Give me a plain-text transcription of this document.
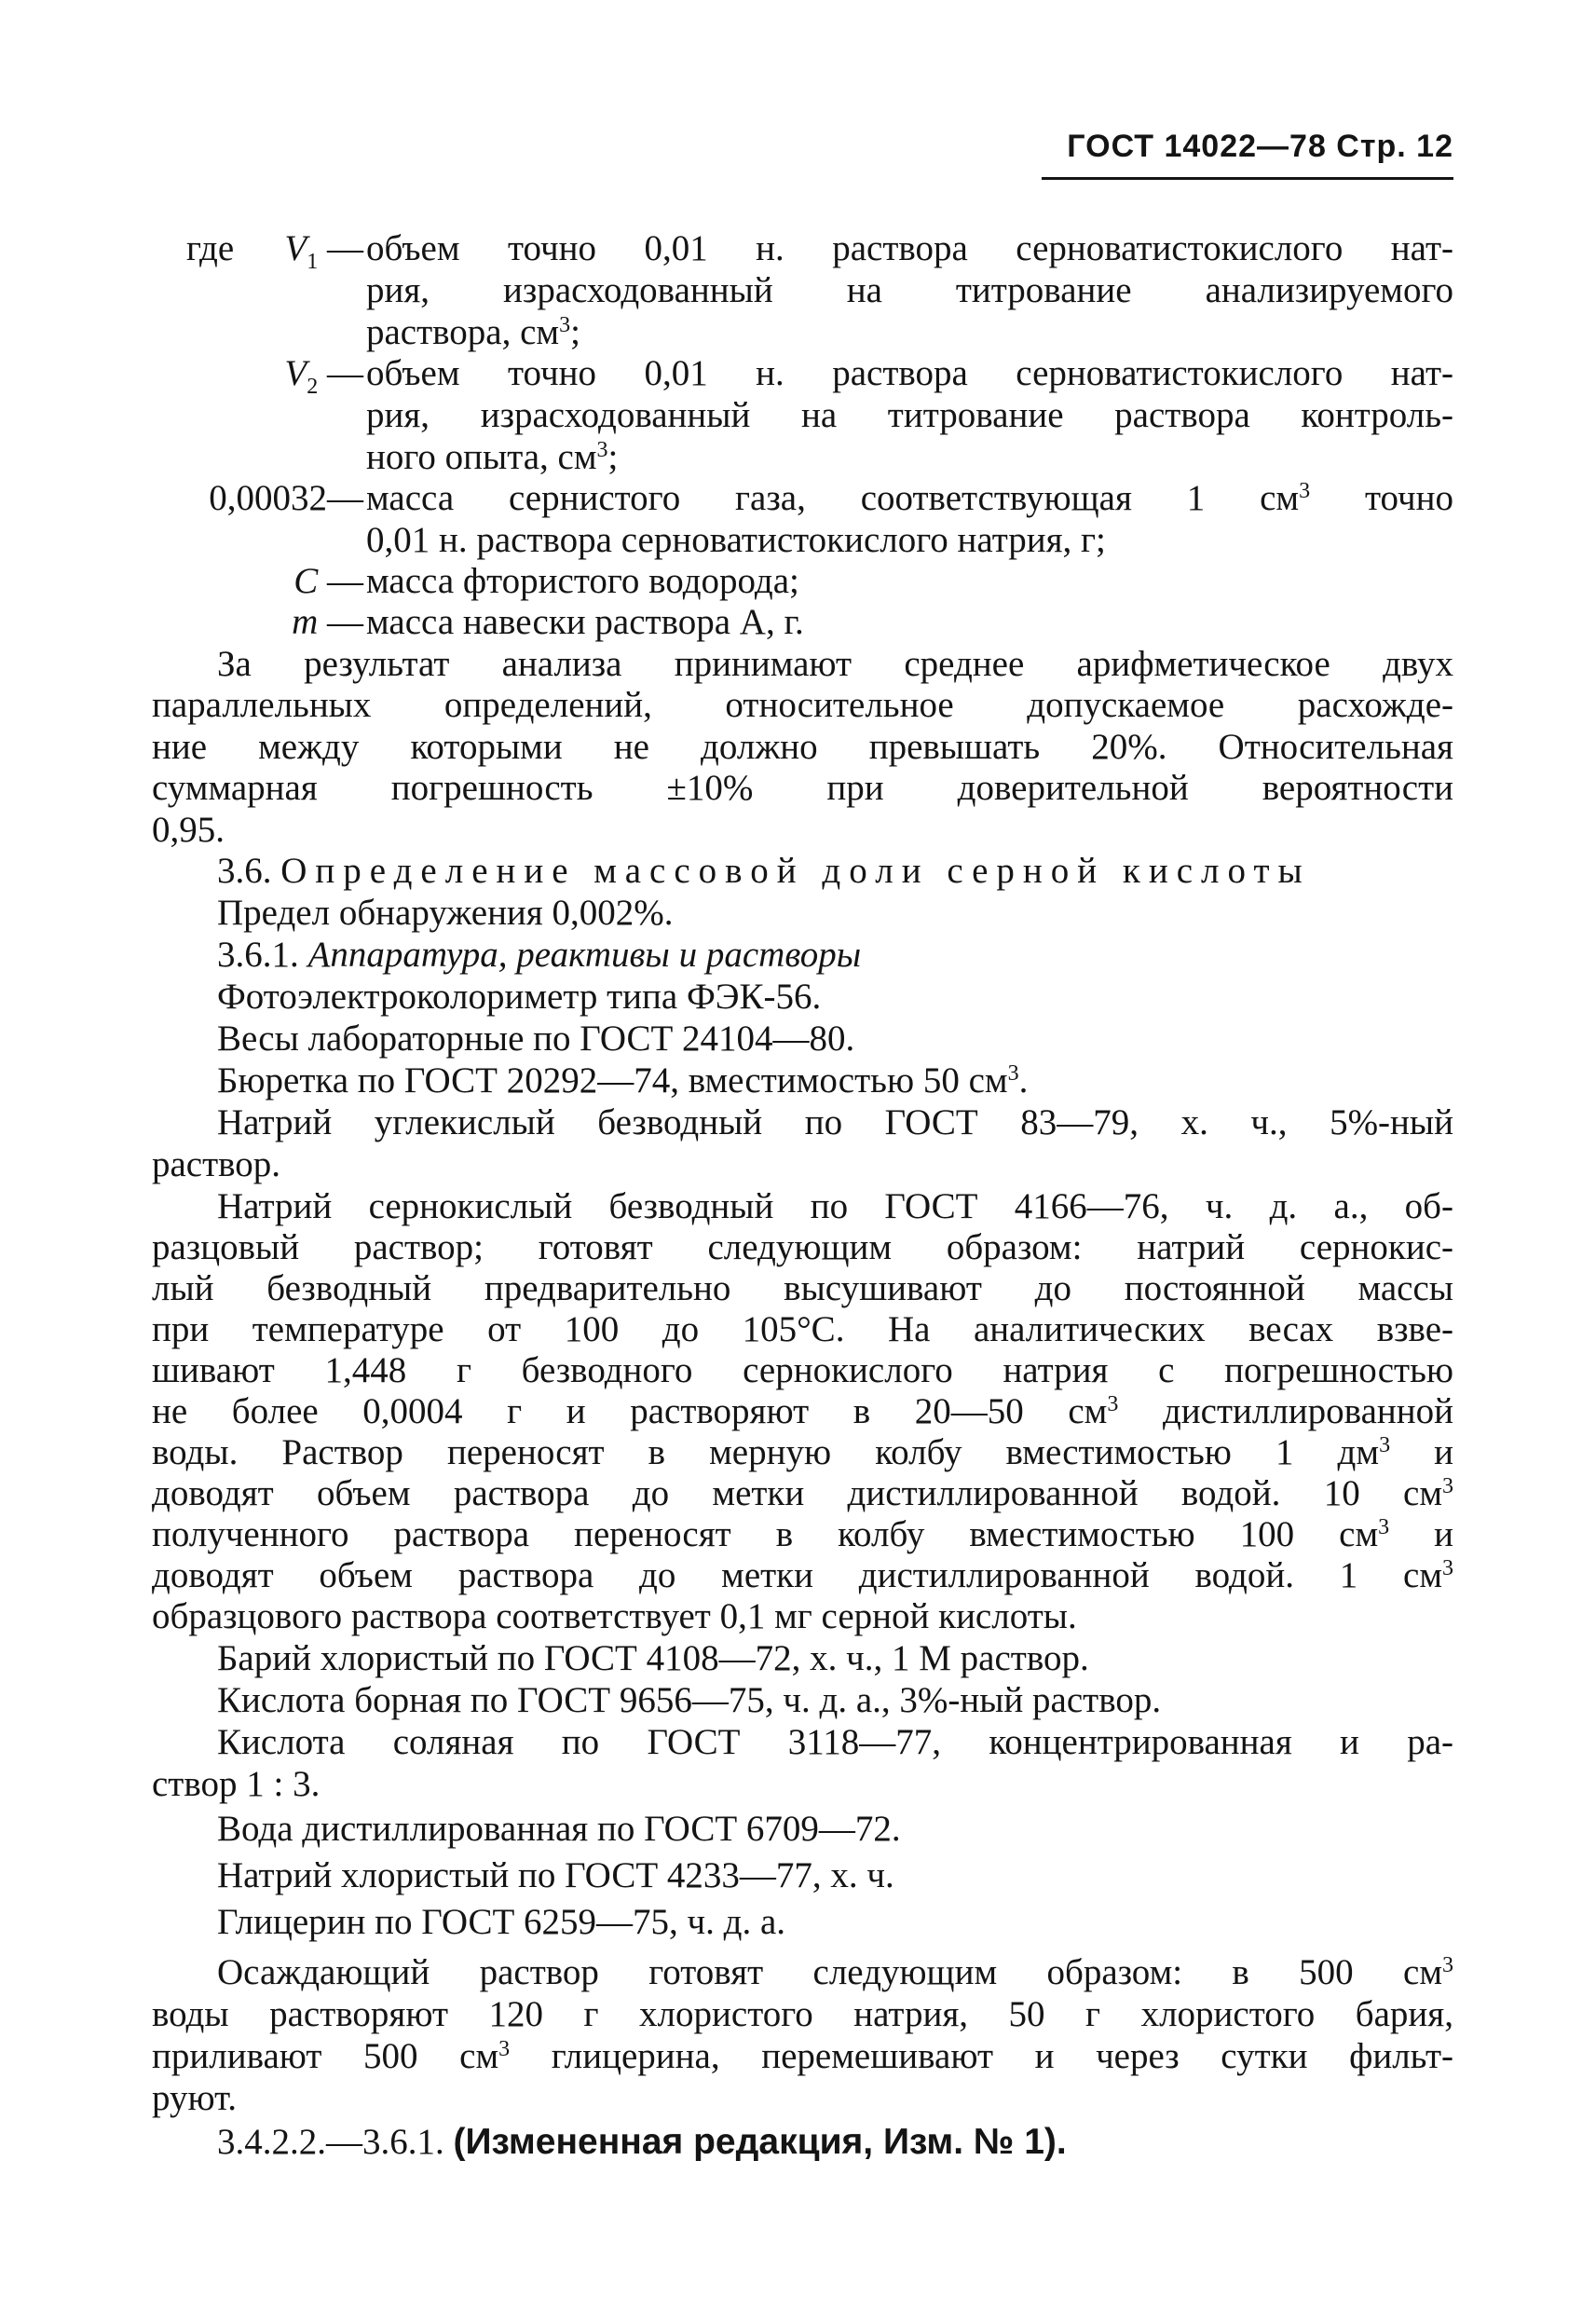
ГОСТ 14022—78 Стр. 12
где	$V_1$ — объем точно 0,01 н. раствора серноватистокислого нат-
рия, израсходованный на титрование анализируемого
раствора, $см^3$;
$V_2$ — объем точно 0,01 н. раствора серноватистокислого нат-
рия, израсходованный на титрование раствора контроль-
ного опыта, $см^3$;
0,00032— масса сернистого газа, соответствующая 1 $см^3$ точно
0,01 н. раствора серноватистокислого натрия, г;
C — масса фтористого водорода;
m — масса навески раствора А, г.
За результат анализа принимают среднее арифметическое двух
параллельных определений, относительное допускаемое расхожде-
ние между которыми не должно превышать 20%. Относительная
суммарная погрешность ±10% при доверительной вероятности
0,95.
3.6. Определение массовой доли серной кислоты
Предел обнаружения 0,002%.
3.6.1. Аппаратура, реактивы и растворы
Фотоэлектроколориметр типа ФЭК-56.
Весы лабораторные по ГОСТ 24104—80.
Бюретка по ГОСТ 20292—74, вместимостью 50 $см^3$.
Натрий углекислый безводный по ГОСТ 83—79, х. ч., 5%-ный
раствор.
Натрий сернокислый безводный по ГОСТ 4166—76, ч. д. а., об-
разцовый раствор; готовят следующим образом: натрий сернокис-
лый безводный предварительно высушивают до постоянной массы
при температуре от 100 до 105°С. На аналитических весах взве-
шивают 1,448 г безводного сернокислого натрия с погрешностью
не более 0,0004 г и растворяют в 20—50 $см^3$ дистиллированной
воды. Раствор переносят в мерную колбу вместимостью 1 $дм^3$ и
доводят объем раствора до метки дистиллированной водой. 10 $см^3$
полученного раствора переносят в колбу вместимостью 100 $см^3$ и
доводят объем раствора до метки дистиллированной водой. 1 $см^3$
образцового раствора соответствует 0,1 мг серной кислоты.
Барий хлористый по ГОСТ 4108—72, х. ч., 1 М раствор.
Кислота борная по ГОСТ 9656—75, ч. д. а., 3%-ный раствор.
Кислота соляная по ГОСТ 3118—77, концентрированная и ра-
створ 1 : 3.
Вода дистиллированная по ГОСТ 6709—72.
Натрий хлористый по ГОСТ 4233—77, х. ч.
Глицерин по ГОСТ 6259—75, ч. д. а.
Осаждающий раствор готовят следующим образом: в 500 $см^3$
воды растворяют 120 г хлористого натрия, 50 г хлористого бария,
приливают 500 $см^3$ глицерина, перемешивают и через сутки фильт-
руют.
3.4.2.2.—3.6.1. (Измененная редакция, Изм. № 1).
